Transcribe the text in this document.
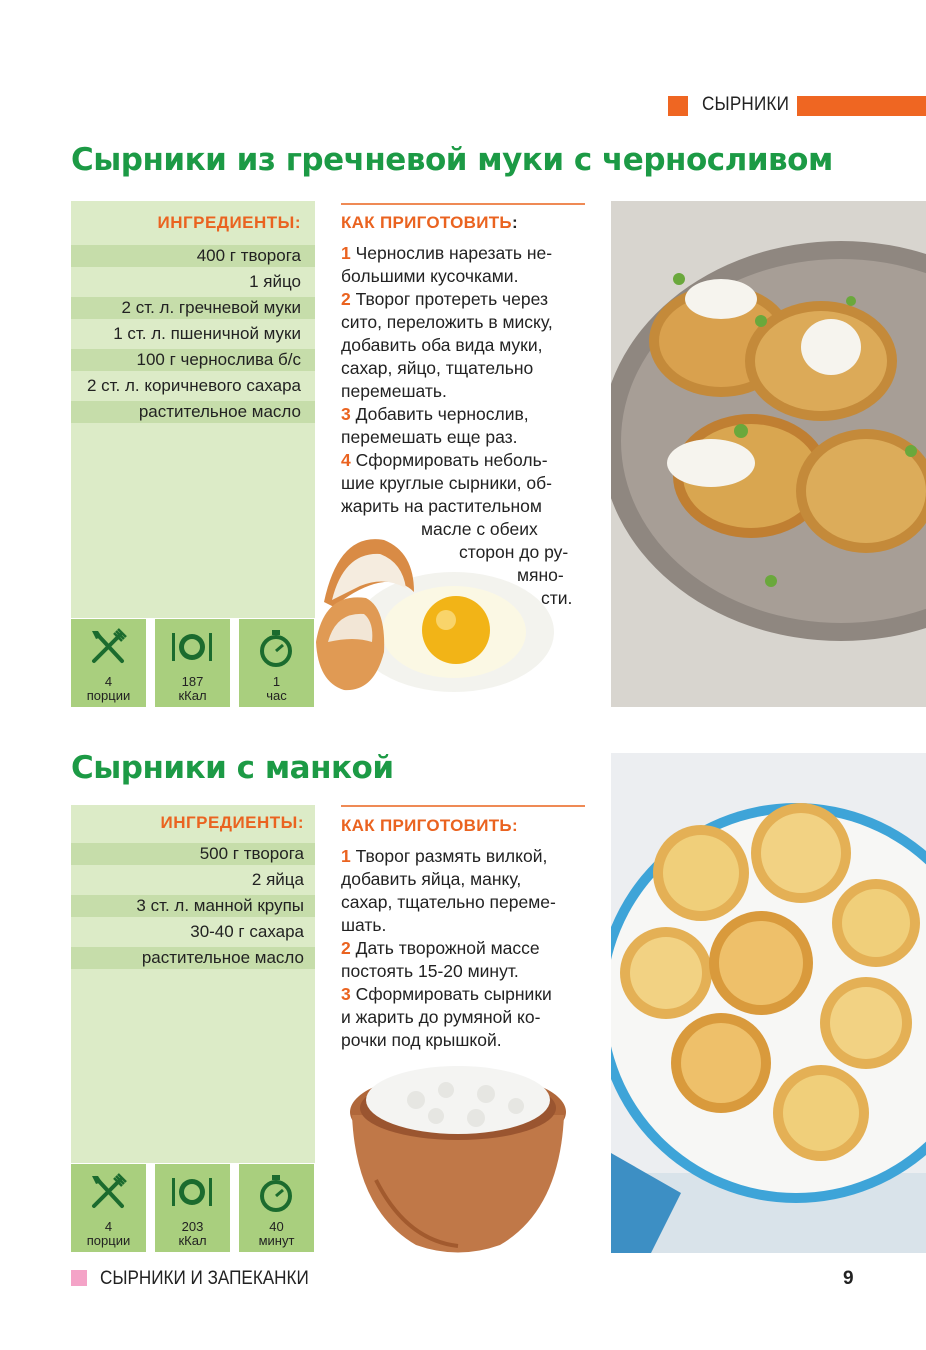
СЫРНИКИ
Сырники из гречневой муки с черносливом
ИНГРЕДИЕНТЫ:
400 г творога
1 яйцо
2 ст. л. гречневой муки
1 ст. л. пшеничной муки
100 г чернослива б/с
2 ст. л. коричневого сахара
растительное масло
4
порции
187
кКал
1
час
КАК ПРИГОТОВИТЬ:
1 Чернослив нарезать не-
большими кусочками.
2 Творог протереть через
сито, переложить в миску,
добавить оба вида муки,
сахар, яйцо, тщательно
перемешать.
3 Добавить чернослив,
перемешать еще раз.
4 Сформировать неболь-
шие круглые сырники, об-
жарить на растительном
масле с обеих
сторон до ру-
мяно-
сти.
Сырники с манкой
ИНГРЕДИЕНТЫ:
500 г творога
2 яйца
3 ст. л. манной крупы
30-40 г сахара
растительное масло
4
порции
203
кКал
40
минут
КАК ПРИГОТОВИТЬ:
1 Творог размять вилкой,
добавить яйца, манку,
сахар, тщательно переме-
шать.
2 Дать творожной массе
постоять 15-20 минут.
3 Сформировать сырники
и жарить до румяной ко-
рочки под крышкой.
СЫРНИКИ И ЗАПЕКАНКИ	9
